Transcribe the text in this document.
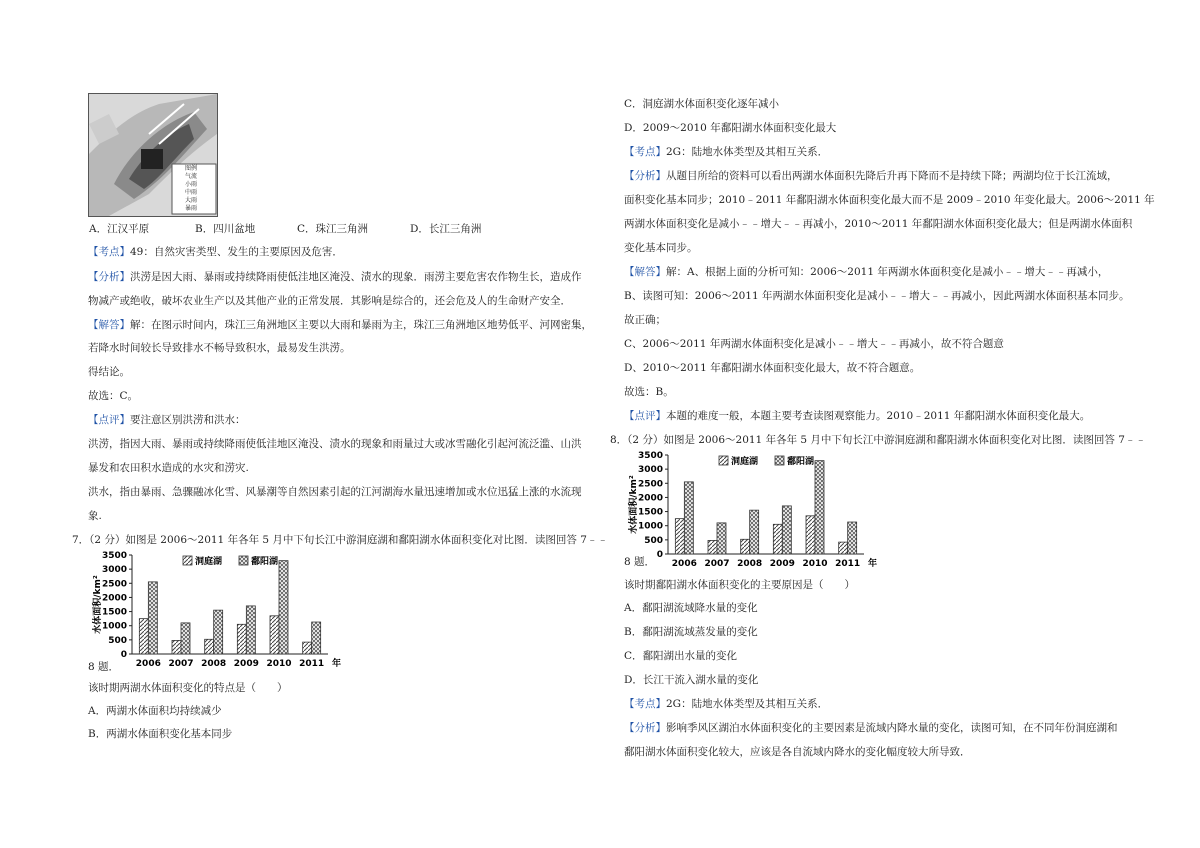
图例
气流
小雨
中雨
大雨
暴雨
A．江汉平原	B．四川盆地	C．珠江三角洲	D．长江三角洲
【考点】49：自然灾害类型、发生的主要原因及危害．
【分析】洪涝是因大雨、暴雨或持续降雨使低洼地区淹没、渍水的现象．雨涝主要危害农作物生长，造成作
物减产或绝收，破坏农业生产以及其他产业的正常发展．其影响是综合的，还会危及人的生命财产安全．
【解答】解：在图示时间内，珠江三角洲地区主要以大雨和暴雨为主，珠江三角洲地区地势低平、河网密集，
若降水时间较长导致排水不畅导致积水，最易发生洪涝。
得结论。
故选：C。
【点评】要注意区别洪涝和洪水：
洪涝，指因大雨、暴雨或持续降雨使低洼地区淹没、渍水的现象和雨量过大或冰雪融化引起河流泛滥、山洪
暴发和农田积水造成的水灾和涝灾.
洪水，指由暴雨、急骤融冰化雪、风暴潮等自然因素引起的江河湖海水量迅速增加或水位迅猛上涨的水流现
象.
7．（2 分）如图是 2006～2011 年各年 5 月中下旬长江中游洞庭湖和鄱阳湖水体面积变化对比图．读图回答 7﹣﹣
0
500
1000
1500
2000
2500
3000
3500
水体面积/km²
2006 2007 2008 2009 2010 2011 年
洞庭湖	鄱阳湖
8 题．
该时期两湖水体面积变化的特点是（　　）
A．两湖水体面积均持续减少
B．两湖水体面积变化基本同步
C．洞庭湖水体面积变化逐年减小
D．2009～2010 年鄱阳湖水体面积变化最大
【考点】2G：陆地水体类型及其相互关系．
【分析】从题目所给的资料可以看出两湖水体面积先降后升再下降而不是持续下降；两湖均位于长江流域，
面积变化基本同步；2010﹣2011 年鄱阳湖水体面积变化最大而不是 2009﹣2010 年变化最大。2006～2011 年
两湖水体面积变化是减小﹣﹣增大﹣﹣再减小，2010～2011 年鄱阳湖水体面积变化最大；但是两湖水体面积
变化基本同步。
【解答】解：A、根据上面的分析可知：2006～2011 年两湖水体面积变化是减小﹣﹣增大﹣﹣再减小，
B、读图可知：2006～2011 年两湖水体面积变化是减小﹣﹣增大﹣﹣再减小，因此两湖水体面积基本同步。
故正确；
C、2006～2011 年两湖水体面积变化是减小﹣﹣增大﹣﹣再减小，故不符合题意
D、2010～2011 年鄱阳湖水体面积变化最大，故不符合题意。
故选：B。
【点评】本题的难度一般，本题主要考查读图观察能力。2010﹣2011 年鄱阳湖水体面积变化最大。
8．（2 分）如图是 2006～2011 年各年 5 月中下旬长江中游洞庭湖和鄱阳湖水体面积变化对比图．读图回答 7﹣﹣
0
500
1000
1500
2000
2500
3000
3500
水体面积/km²
2006 2007 2008 2009 2010 2011 年
洞庭湖	鄱阳湖
8 题．
该时期鄱阳湖水体面积变化的主要原因是（　　）
A．鄱阳湖流域降水量的变化
B．鄱阳湖流域蒸发量的变化
C．鄱阳湖出水量的变化
D．长江干流入湖水量的变化
【考点】2G：陆地水体类型及其相互关系．
【分析】影响季风区湖泊水体面积变化的主要因素是流域内降水量的变化，读图可知，在不同年份洞庭湖和
鄱阳湖水体面积变化较大，应该是各自流域内降水的变化幅度较大所导致．
